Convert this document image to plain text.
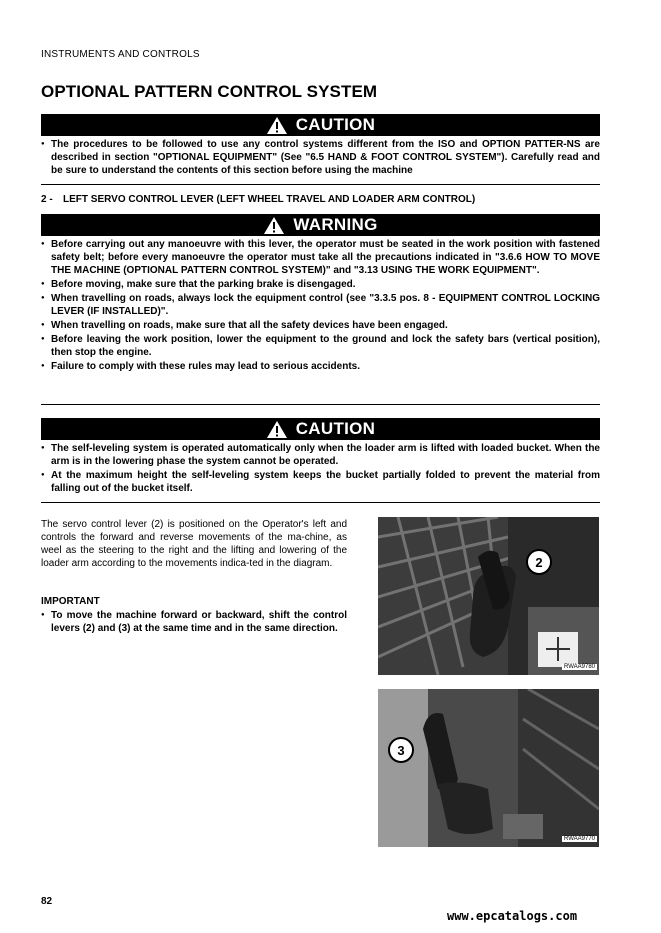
INSTRUMENTS AND CONTROLS
OPTIONAL PATTERN CONTROL SYSTEM
CAUTION
● The procedures to be followed to use any control systems different from the ISO and OPTION PATTER-NS are described in section "OPTIONAL EQUIPMENT" (See "6.5 HAND & FOOT CONTROL SYSTEM"). Carefully read and be sure to understand the contents of this section before using the machine
2 - LEFT SERVO CONTROL LEVER (LEFT WHEEL TRAVEL AND LOADER ARM CONTROL)
WARNING
● Before carrying out any manoeuvre with this lever, the operator must be seated in the work position with fastened safety belt; before every manoeuvre the operator must take all the precautions indicated in "3.6.6 HOW TO MOVE THE MACHINE (OPTIONAL PATTERN CONTROL SYSTEM)" and "3.13 USING THE WORK EQUIPMENT".
● Before moving, make sure that the parking brake is disengaged.
● When travelling on roads, always lock the equipment control (see "3.3.5 pos. 8 - EQUIPMENT CONTROL LOCKING LEVER (IF INSTALLED)".
● When travelling on roads, make sure that all the safety devices have been engaged.
● Before leaving the work position, lower the equipment to the ground and lock the safety bars (vertical position), then stop the engine.
● Failure to comply with these rules may lead to serious accidents.
CAUTION
● The self-leveling system is operated automatically only when the loader arm is lifted with loaded bucket. When the arm is in the lowering phase the system cannot be operated.
● At the maximum height the self-leveling system keeps the bucket partially folded to prevent the material from falling out of the bucket itself.
The servo control lever (2) is positioned on the Operator's left and controls the forward and reverse movements of the ma-chine, as weel as the steering to the right and the lifting and lowering of the loader arm according to the movements indica-ted in the diagram.
IMPORTANT
● To move the machine forward or backward, shift the control levers (2) and (3) at the same time and in the same direction.
2
RWAA9780
3
RWAA9770
82
www.epcatalogs.com
